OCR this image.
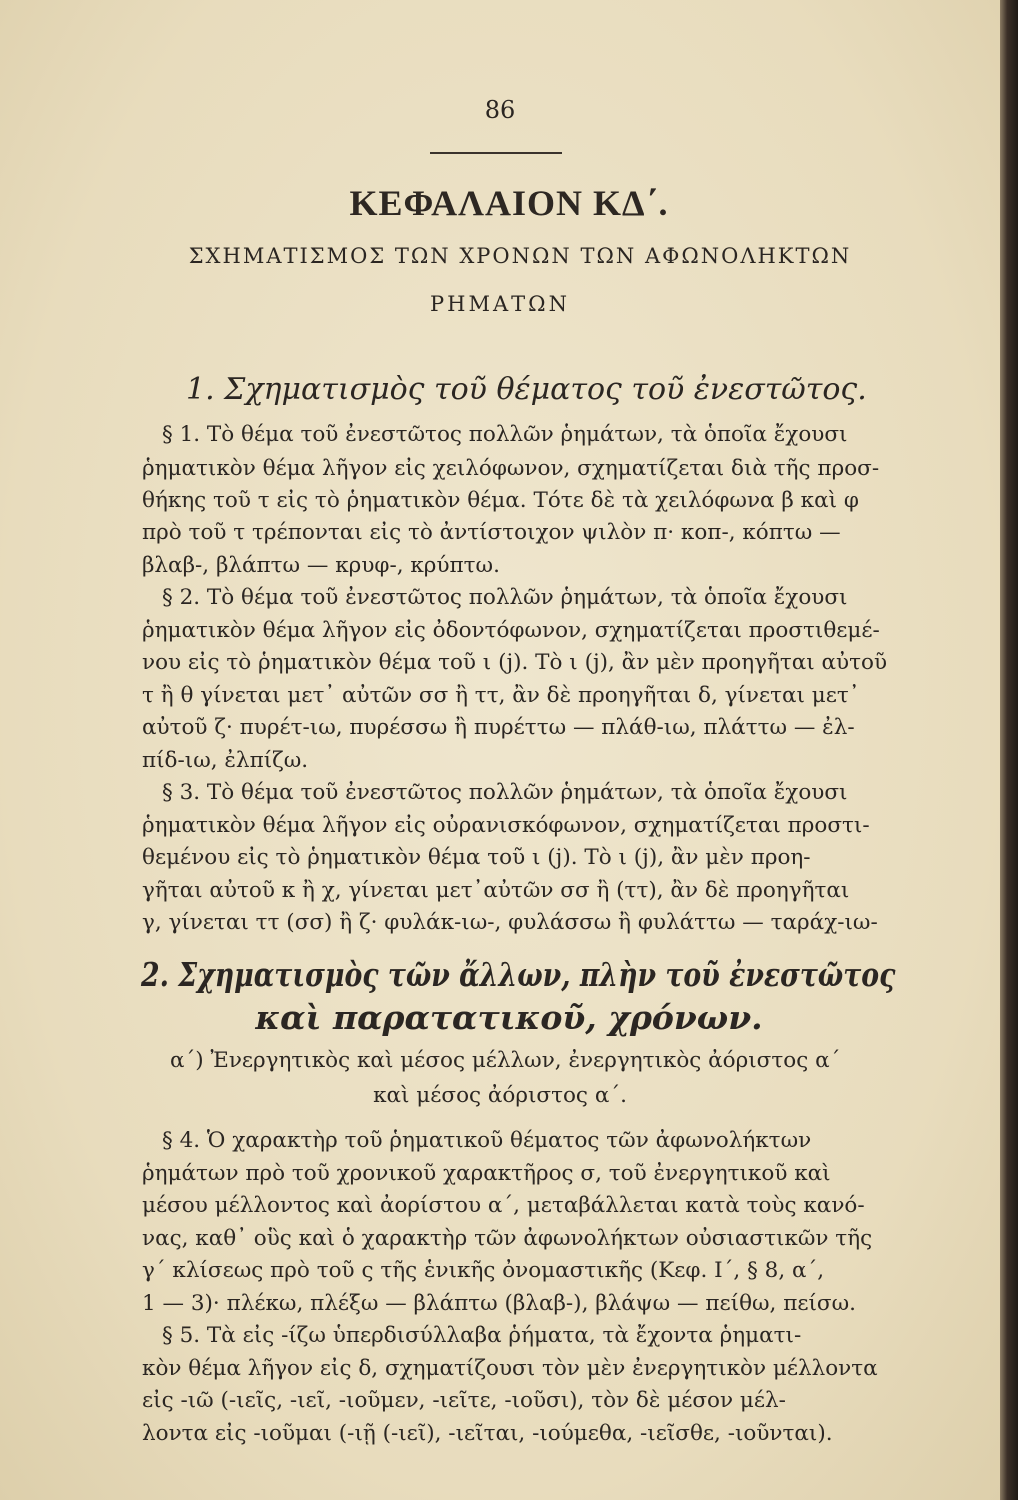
86
ΚΕΦΑΛΑΙΟΝ ΚΔ΄.
ΣΧΗΜΑΤΙΣΜΟΣ ΤΩΝ ΧΡΟΝΩΝ ΤΩΝ ΑΦΩΝΟΛΗΚΤΩΝ
ΡΗΜΑΤΩΝ
1. Σχηματισμὸς τοῦ θέματος τοῦ ἐνεστῶτος.
§ 1. Τὸ θέμα τοῦ ἐνεστῶτος πολλῶν ῥημάτων, τὰ ὁποῖα ἔχουσι
ῥηματικὸν θέμα λῆγον εἰς χειλόφωνον, σχηματίζεται διὰ τῆς προσ-
θήκης τοῦ τ εἰς τὸ ῥηματικὸν θέμα. Τότε δὲ τὰ χειλόφωνα β καὶ φ
πρὸ τοῦ τ τρέπονται εἰς τὸ ἀντίστοιχον ψιλὸν π· κοπ-, κόπτω —
βλαβ-, βλάπτω — κρυφ-, κρύπτω.
§ 2. Τὸ θέμα τοῦ ἐνεστῶτος πολλῶν ῥημάτων, τὰ ὁποῖα ἔχουσι
ῥηματικὸν θέμα λῆγον εἰς ὀδοντόφωνον, σχηματίζεται προστιθεμέ-
νου εἰς τὸ ῥηματικὸν θέμα τοῦ ι (j). Τὸ ι (j), ἂν μὲν προηγῆται αὐτοῦ
τ ἢ θ γίνεται μετ᾽ αὐτῶν σσ ἢ ττ, ἂν δὲ προηγῆται δ, γίνεται μετ᾽
αὐτοῦ ζ· πυρέτ-ιω, πυρέσσω ἢ πυρέττω — πλάθ-ιω, πλάττω — ἐλ-
πίδ-ιω, ἐλπίζω.
§ 3. Τὸ θέμα τοῦ ἐνεστῶτος πολλῶν ῥημάτων, τὰ ὁποῖα ἔχουσι
ῥηματικὸν θέμα λῆγον εἰς οὐρανισκόφωνον, σχηματίζεται προστι-
θεμένου εἰς τὸ ῥηματικὸν θέμα τοῦ ι (j). Τὸ ι (j), ἂν μὲν προη-
γῆται αὐτοῦ κ ἢ χ, γίνεται μετ᾽αὐτῶν σσ ἢ (ττ), ἂν δὲ προηγῆται
γ, γίνεται ττ (σσ) ἢ ζ· φυλάκ-ιω-, φυλάσσω ἢ φυλάττω — ταράχ-ιω-
2. Σχηματισμὸς τῶν ἄλλων, πλὴν τοῦ ἐνεστῶτος
καὶ παρατατικοῦ, χρόνων.
α΄) Ἐνεργητικὸς καὶ μέσος μέλλων, ἐνεργητικὸς ἀόριστος α΄
καὶ μέσος ἀόριστος α΄.
§ 4. Ὁ χαρακτὴρ τοῦ ῥηματικοῦ θέματος τῶν ἀφωνολήκτων
ῥημάτων πρὸ τοῦ χρονικοῦ χαρακτῆρος σ, τοῦ ἐνεργητικοῦ καὶ
μέσου μέλλοντος καὶ ἀορίστου α΄, μεταβάλλεται κατὰ τοὺς κανό-
νας, καθ᾽ οὓς καὶ ὁ χαρακτὴρ τῶν ἀφωνολήκτων οὐσιαστικῶν τῆς
γ΄ κλίσεως πρὸ τοῦ ς τῆς ἑνικῆς ὀνομαστικῆς (Κεφ. Ι΄, § 8, α΄,
1 — 3)· πλέκω, πλέξω — βλάπτω (βλαβ-), βλάψω — πείθω, πείσω.
§ 5. Τὰ εἰς -ίζω ὑπερδισύλλαβα ῥήματα, τὰ ἔχοντα ῥηματι-
κὸν θέμα λῆγον εἰς δ, σχηματίζουσι τὸν μὲν ἐνεργητικὸν μέλλοντα
εἰς -ιῶ (-ιεῖς, -ιεῖ, -ιοῦμεν, -ιεῖτε, -ιοῦσι), τὸν δὲ μέσον μέλ-
λοντα εἰς -ιοῦμαι (-ιῇ (-ιεῖ), -ιεῖται, -ιούμεθα, -ιεῖσθε, -ιοῦνται).
